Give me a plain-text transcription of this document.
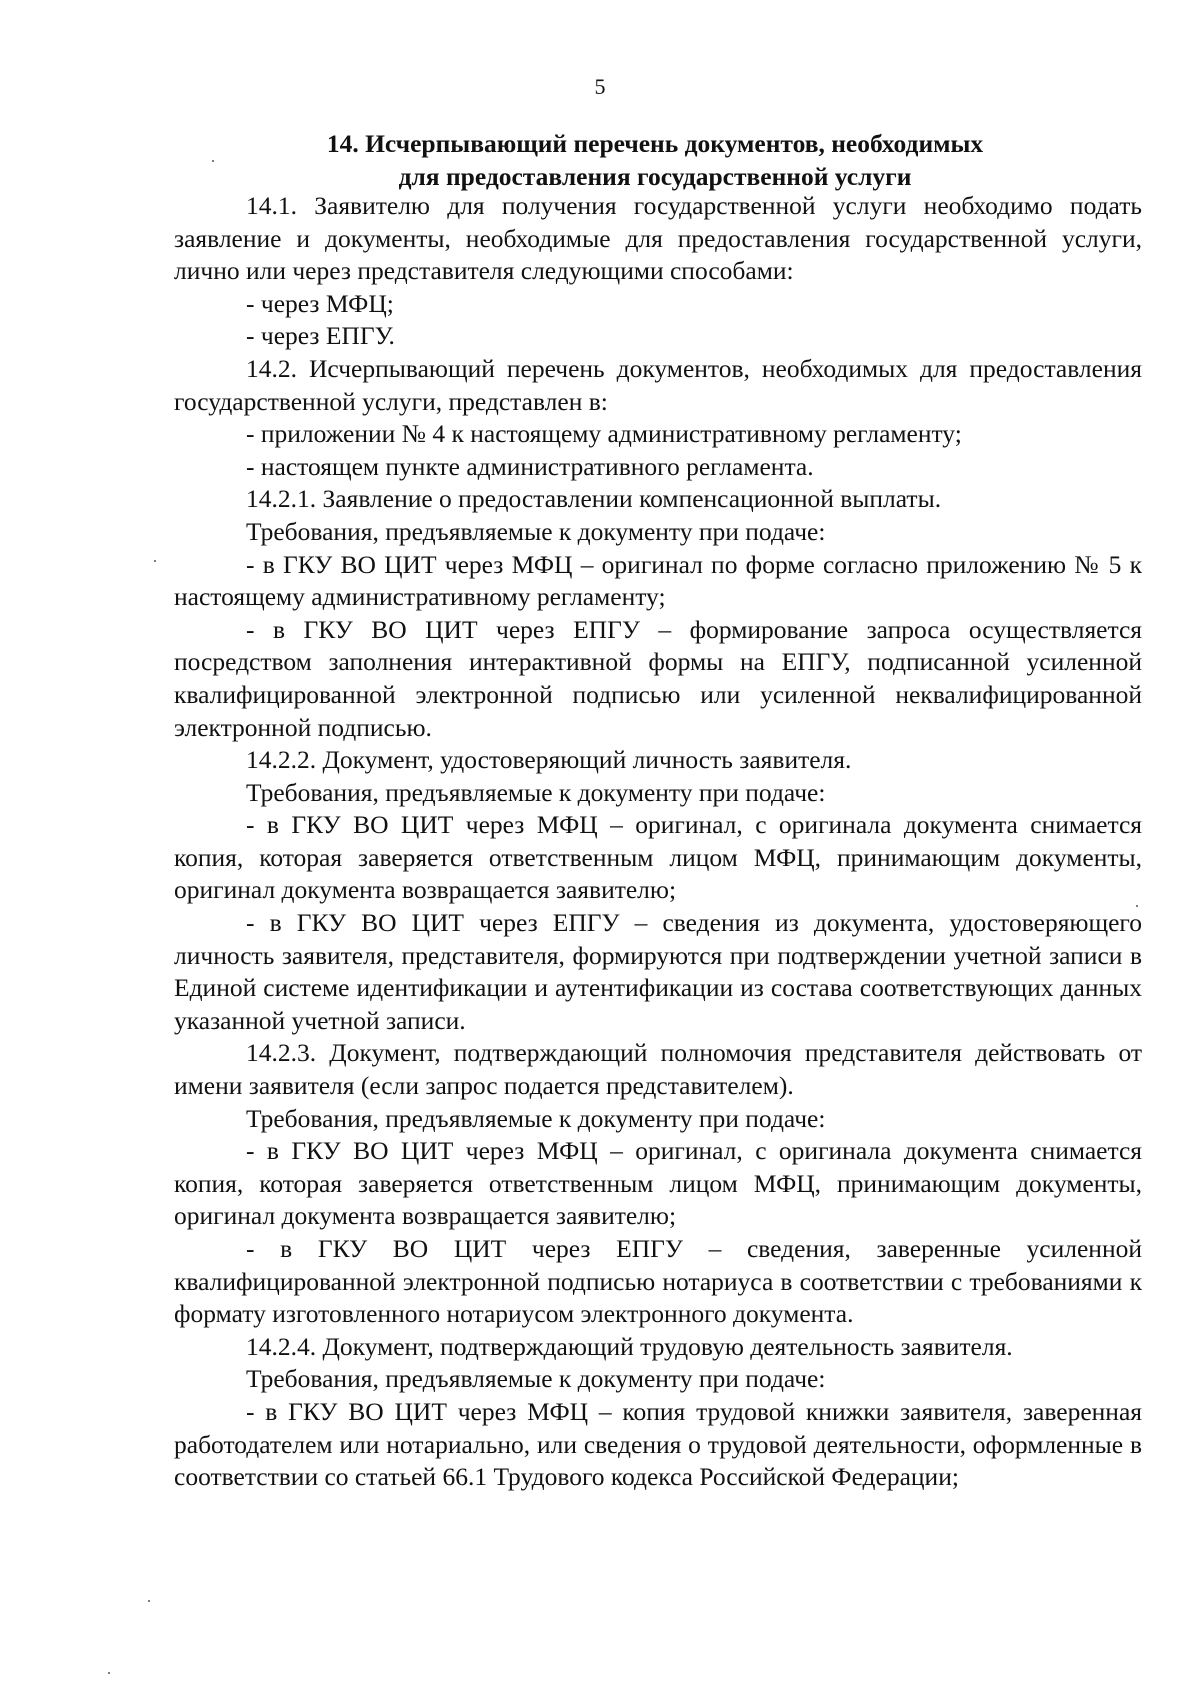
5
14. Исчерпывающий перечень документов, необходимых
для предоставления государственной услуги

14.1. Заявителю для получения государственной услуги необходимо подать заявление и документы, необходимые для предоставления государственной услуги, лично или через представителя следующими способами:

- через МФЦ;

- через ЕПГУ.

14.2. Исчерпывающий перечень документов, необходимых для предоставления государственной услуги, представлен в:

- приложении № 4 к настоящему административному регламенту;

- настоящем пункте административного регламента.

14.2.1. Заявление о предоставлении компенсационной выплаты.

Требования, предъявляемые к документу при подаче:

- в ГКУ ВО ЦИТ через МФЦ – оригинал по форме согласно приложению № 5 к настоящему административному регламенту;

- в ГКУ ВО ЦИТ через ЕПГУ – формирование запроса осуществляется посредством заполнения интерактивной формы на ЕПГУ, подписанной усиленной квалифицированной электронной подписью или усиленной неквалифицированной электронной подписью.

14.2.2. Документ, удостоверяющий личность заявителя.

Требования, предъявляемые к документу при подаче:

- в ГКУ ВО ЦИТ через МФЦ – оригинал, с оригинала документа снимается копия, которая заверяется ответственным лицом МФЦ, принимающим документы, оригинал документа возвращается заявителю;

- в ГКУ ВО ЦИТ через ЕПГУ – сведения из документа, удостоверяющего личность заявителя, представителя, формируются при подтверждении учетной записи в Единой системе идентификации и аутентификации из состава соответствующих данных указанной учетной записи.

14.2.3. Документ, подтверждающий полномочия представителя действовать от имени заявителя (если запрос подается представителем).

Требования, предъявляемые к документу при подаче:

- в ГКУ ВО ЦИТ через МФЦ – оригинал, с оригинала документа снимается копия, которая заверяется ответственным лицом МФЦ, принимающим документы, оригинал документа возвращается заявителю;

- в ГКУ ВО ЦИТ через ЕПГУ – сведения, заверенные усиленной квалифицированной электронной подписью нотариуса в соответствии с требованиями к формату изготовленного нотариусом электронного документа.

14.2.4. Документ, подтверждающий трудовую деятельность заявителя.

Требования, предъявляемые к документу при подаче:

- в ГКУ ВО ЦИТ через МФЦ – копия трудовой книжки заявителя, заверенная работодателем или нотариально, или сведения о трудовой деятельности, оформленные в соответствии со статьей 66.1 Трудового кодекса Российской Федерации;
